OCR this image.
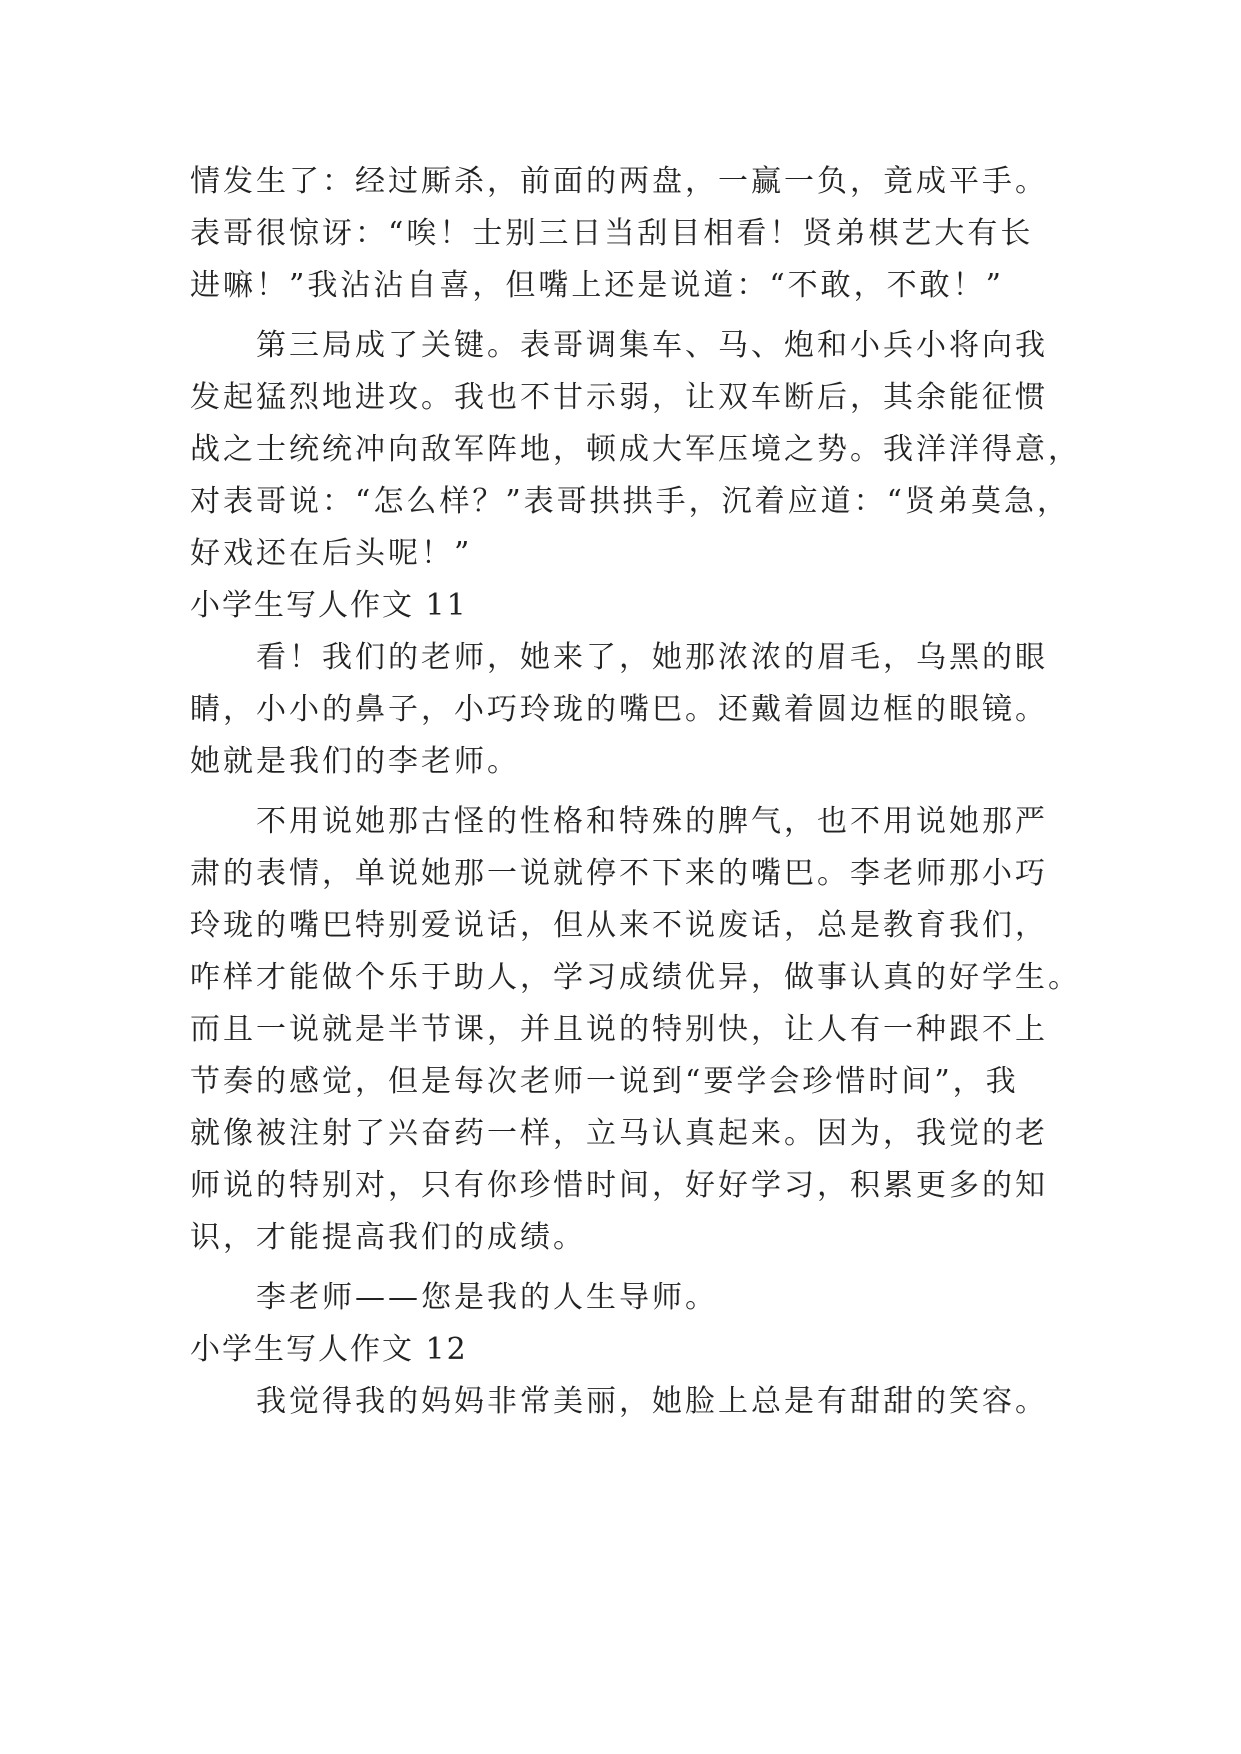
情发生了：经过厮杀，前面的两盘，一赢一负，竟成平手。
表哥很惊讶：“唉！士别三日当刮目相看！贤弟棋艺大有长
进嘛！”我沾沾自喜，但嘴上还是说道：“不敢，不敢！”
　　第三局成了关键。表哥调集车、马、炮和小兵小将向我
发起猛烈地进攻。我也不甘示弱，让双车断后，其余能征惯
战之士统统冲向敌军阵地，顿成大军压境之势。我洋洋得意，
对表哥说：“怎么样？”表哥拱拱手，沉着应道：“贤弟莫急，
好戏还在后头呢！”
小学生写人作文 11
　　看！我们的老师，她来了，她那浓浓的眉毛，乌黑的眼
睛，小小的鼻子，小巧玲珑的嘴巴。还戴着圆边框的眼镜。
她就是我们的李老师。
　　不用说她那古怪的性格和特殊的脾气，也不用说她那严
肃的表情，单说她那一说就停不下来的嘴巴。李老师那小巧
玲珑的嘴巴特别爱说话，但从来不说废话，总是教育我们，
咋样才能做个乐于助人，学习成绩优异，做事认真的好学生。
而且一说就是半节课，并且说的特别快，让人有一种跟不上
节奏的感觉，但是每次老师一说到“要学会珍惜时间”，我
就像被注射了兴奋药一样，立马认真起来。因为，我觉的老
师说的特别对，只有你珍惜时间，好好学习，积累更多的知
识，才能提高我们的成绩。
　　李老师——您是我的人生导师。
小学生写人作文 12
　　我觉得我的妈妈非常美丽，她脸上总是有甜甜的笑容。
